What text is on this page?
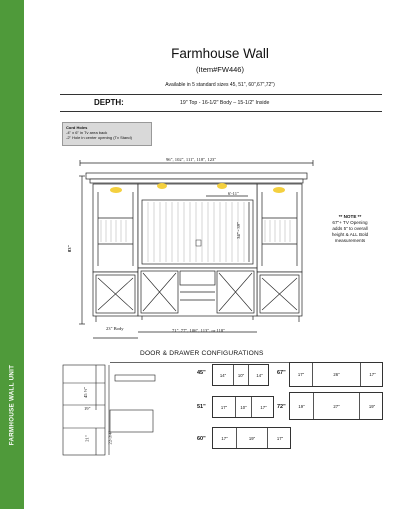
FARMHOUSE WALL UNIT
Farmhouse Wall
(Item#FW446)
Available in 5 standard sizes 45, 51", 60",67",72")
DEPTH:	19" Top - 16-1/2" Body – 15-1/2" Inside
Cord Holes
-4" x 6" in Tv area back
-2" Hole in center opening (Tv Stand)
96", 102", 111", 118", 123"
6'-11"
34" - 39"
83"
23" Body	71", 77", 106", 113", or 118"
** NOTE **
67"+ TV Opening
adds 5" to overall
height & ALL Bold
measurements
DOOR & DRAWER CONFIGURATIONS
45 ½"
19"
21"	22-3/4"
45"	14"	10"	14"
51"	17"	10"	17"
60"	17"	19"	17"
67"	17"	26"	17"
72"	19"	27"	19"
